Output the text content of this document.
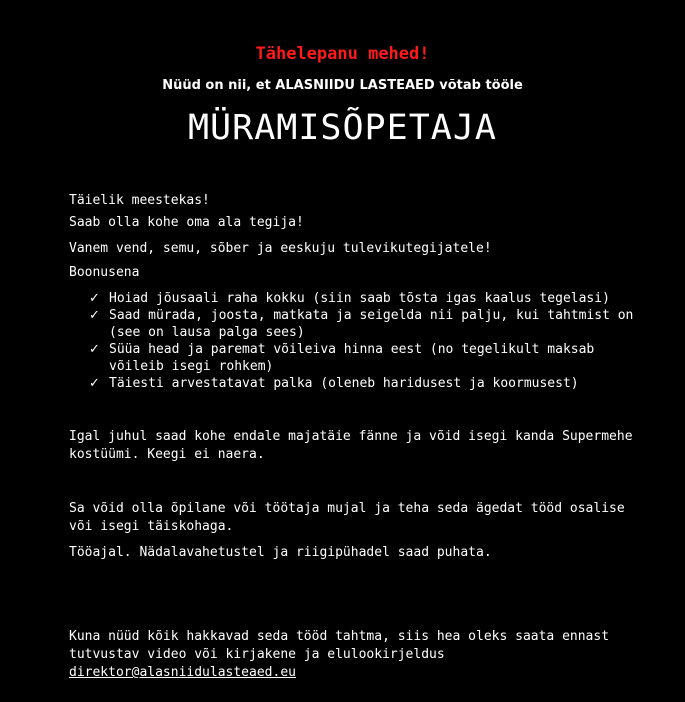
Tähelepanu mehed!
Nüüd on nii, et ALASNIIDU LASTEAED võtab tööle
MÜRAMISÕPETAJA

Täielik meestekas!

Saab olla kohe oma ala tegija!

Vanem vend, semu, sõber ja eeskuju tulevikutegijatele!

Boonusena

✓ Hoiad jõusaali raha kokku (siin saab tõsta igas kaalus tegelasi)
✓ Saad mürada, joosta, matkata ja seigelda nii palju, kui tahtmist on (see on lausa palga sees)
✓ Süüa head ja paremat võileiva hinna eest (no tegelikult maksab võileib isegi rohkem)
✓ Täiesti arvestatavat palka (oleneb haridusest ja koormusest)

Igal juhul saad kohe endale majatäie fänne ja võid isegi kanda Supermehe kostüümi. Keegi ei naera.

Sa võid olla õpilane või töötaja mujal ja teha seda ägedat tööd osalise või isegi täiskohaga.

Tööajal. Nädalavahetustel ja riigipühadel saad puhata.

Kuna nüüd kõik hakkavad seda tööd tahtma, siis hea oleks saata ennast tutvustav video või kirjakene ja elulookirjeldus

direktor@alasniidulasteaed.eu
